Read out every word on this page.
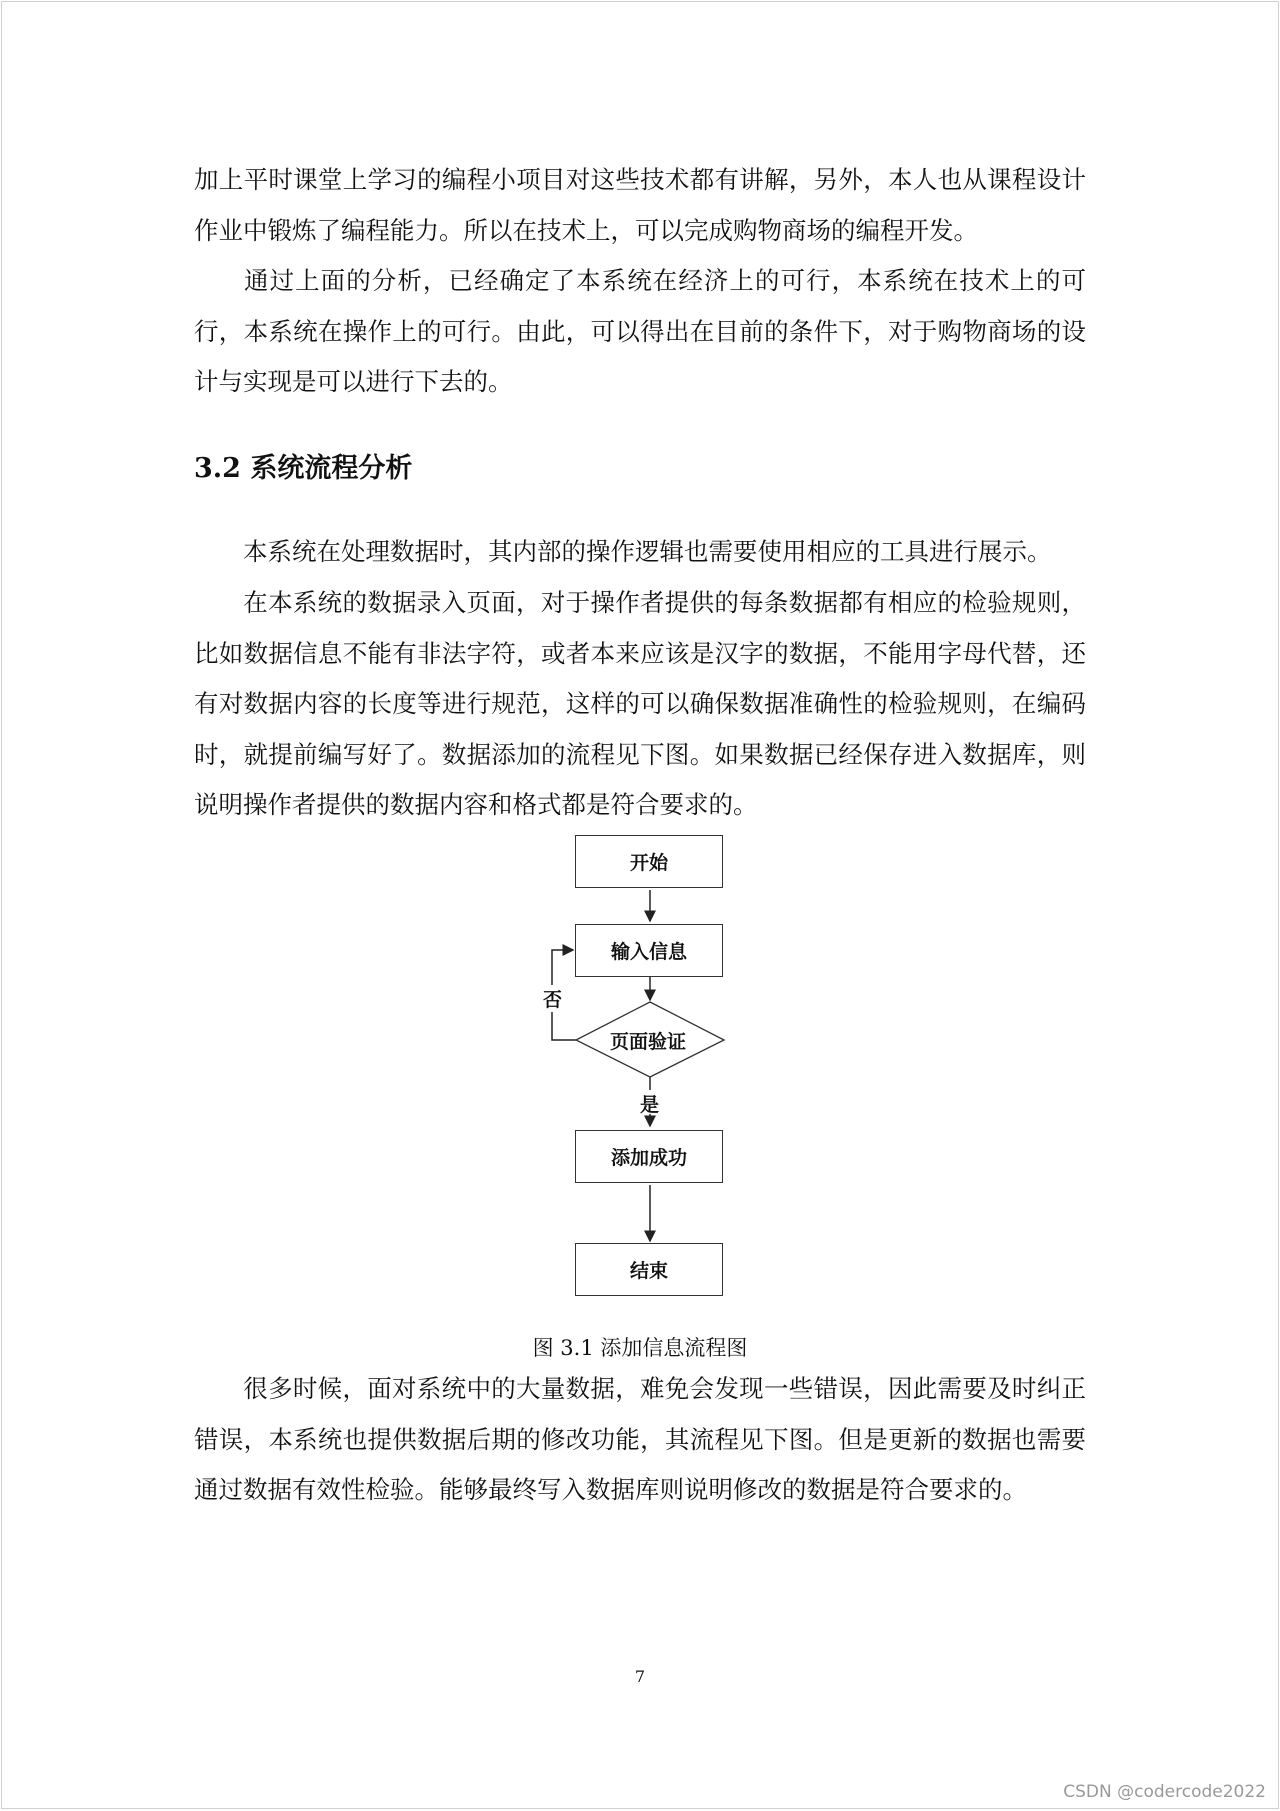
加上平时课堂上学习的编程小项目对这些技术都有讲解，另外，本人也从课程设计作业中锻炼了编程能力。所以在技术上，可以完成购物商场的编程开发。
通过上面的分析，已经确定了本系统在经济上的可行，本系统在技术上的可行，本系统在操作上的可行。由此，可以得出在目前的条件下，对于购物商场的设计与实现是可以进行下去的。
3.2 系统流程分析
本系统在处理数据时，其内部的操作逻辑也需要使用相应的工具进行展示。
在本系统的数据录入页面，对于操作者提供的每条数据都有相应的检验规则，比如数据信息不能有非法字符，或者本来应该是汉字的数据，不能用字母代替，还有对数据内容的长度等进行规范，这样的可以确保数据准确性的检验规则，在编码时，就提前编写好了。数据添加的流程见下图。如果数据已经保存进入数据库，则说明操作者提供的数据内容和格式都是符合要求的。
开始
输入信息
页面验证
否
是
添加成功
结束
图 3.1 添加信息流程图
很多时候，面对系统中的大量数据，难免会发现一些错误，因此需要及时纠正错误，本系统也提供数据后期的修改功能，其流程见下图。但是更新的数据也需要通过数据有效性检验。能够最终写入数据库则说明修改的数据是符合要求的。
7
CSDN @codercode2022
